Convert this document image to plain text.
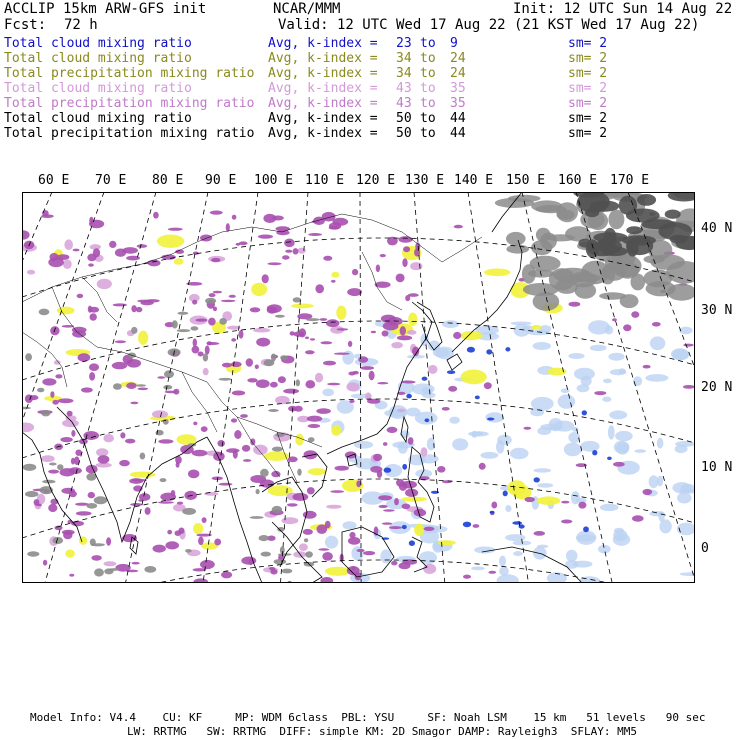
ACCLIP 15km ARW-GFS init	NCAR/MMM	Init: 12 UTC Sun 14 Aug 22
Fcst: 72 h	Valid: 12 UTC Wed 17 Aug 22 (21 KST Wed 17 Aug 22)
Total cloud mixing ratio	Avg, k-index = 23 to 9	sm= 2
Total cloud mixing ratio	Avg, k-index = 34 to 24	sm= 2
Total precipitation mixing ratio Avg, k-index = 34 to 24	sm= 2
Total cloud mixing ratio	Avg, k-index = 43 to 35	sm= 2
Total precipitation mixing ratio Avg, k-index = 43 to 35	sm= 2
Total cloud mixing ratio	Avg, k-index = 50 to 44	sm= 2
Total precipitation mixing ratio Avg, k-index = 50 to 44	sm= 2
60 E 70 E 80 E 90 E 100 E 110 E 120 E 130 E 140 E 150 E 160 E 170 E
40 N
30 N
20 N
10 N
0
Model Info: V4.4    CU: KF     MP: WDM 6class  PBL: YSU     SF: Noah LSM    15 km   51 levels   90 sec
LW: RRTMG   SW: RRTMG  DIFF: simple KM: 2D Smagor DAMP: Rayleigh3  SFLAY: MM5
